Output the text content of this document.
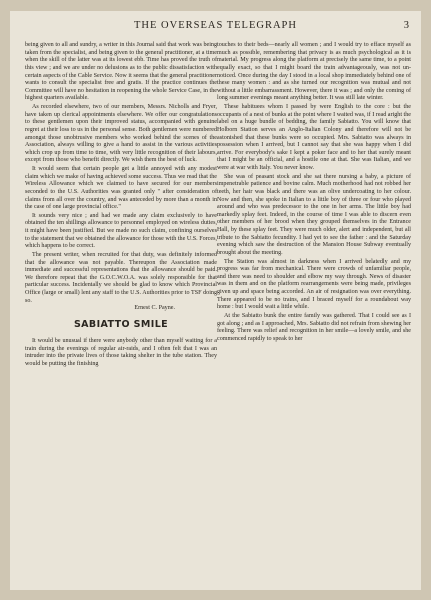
THE OVERSEAS TELEGRAPH	3

being given to all and sundry, a writer in this Journal said that work was being taken from the specialist, and being given to the general practitioner, at a time when the skill of the latter was at its lowest ebb. Time has proved the truth of this view ; and we are under no delusions as to the public dissatisfaction with certain aspects of the Cable Service. Now it seems that the general practitioner wants to consult the specialist free and gratis. If the practice continues the Committee will have no hesitation in reopening the whole Service Case, in the highest quarters available.

As recorded elsewhere, two of our members, Messrs. Nicholls and Fryer, have taken up clerical appointments elsewhere. We offer our congratulations to these gentlemen upon their improved status, accompanied with genuine regret at their loss to us in the personal sense. Both gentlemen were numbered amongst those unobtrusive members who worked behind the scenes of the Association, always willing to give a hand to assist in the various activities which crop up from time to time, with very little recognition of their labours, except from those who benefit directly. We wish them the best of luck.

It would seem that certain people get a little annoyed with any modest claim which we make of having achieved some success. Thus we read that the Wireless Allowance which we claimed to have secured for our members seconded to the U.S. Authorities was granted only " after consideration of claims from all over the country, and was anteceded by more than a month in the case of one large provincial office."

It sounds very nice ; and had we made any claim exclusively to have obtained the ten shillings allowance to personnel employed on wireless duties, it might have been justified. But we made no such claim, confining ourselves to the statement that we obtained the allowance for those with the U.S. Forces, which happens to be correct.

The present writer, when recruited for that duty, was definitely informed that the allowance was not payable. Thereupon the Association made immediate and successful representations that the allowance should be paid. We therefore repeat that the G.O.C.W.O.A. was solely responsible for that particular success. Incidentally we should be glad to know which Provincial Office (large or small) lent any staff to the U.S. Authorities prior to TSF doing so.

Ernest C. Payne.

SABIATTO SMILE

It would be unusual if there were anybody other than myself waiting for a train during the evenings of regular air-raids, and I often felt that I was an intruder into the private lives of those taking shelter in the tube station. They would be putting the finishing

touches to their beds—nearly all women ; and I would try to efface myself as much as possible, remembering that privacy is as much psychological as it is material. My progress along the platform at precisely the same time, to a point equally exact, so that I might board the train advantageously, was not un-noticed. Once during the day I stood in a local shop immediately behind one of these many women : and as she turned our recognition was mutual and not without a little embarrassment. However, there it was ; and only the coming of long summer evenings meant anything better. It was still late winter.

These habituees whom I passed by were English to the core : but the occupants of a nest of bunks at the point where I waited was, if I read aright the label on a huge bundle of bedding, the family Sabiatto. You will know that Holborn Station serves an Anglo-Italian Colony and therefore will not be astonished that these bunks were so occupied. Mrs. Sabiatto was always in possession when I arrived, but I cannot say that she was happy when I did arrive. For everybody's sake I kept a poker face and to her that surely meant that I might be an official, and a hostile one at that. She was Italian, and we were at war with Italy. You never know.

She was of peasant stock and she sat there nursing a baby, a picture of impenetrable patience and bovine calm. Much motherhood had not robbed her teeth, her hair was black and there was an olive undercoating to her colour. Now and then, she spoke in Italian to a little boy of three or four who played around and who was predecessor to the one in her arms. The little boy had markedly splay feet. Indeed, in the course of time I was able to discern even other members of her brood when they grouped themselves in the Entrance Hall, by these splay feet. They were much older, alert and independent, but all tribute to the Sabiatto fecundity. I had yet to see the father : and the Saturday evening which saw the destruction of the Mansion House Subway eventually brought about the meeting.

The Station was almost in darkness when I arrived belatedly and my progress was far from mechanical. There were crowds of unfamiliar people, and there was need to shoulder and elbow my way through. News of disaster was in them and on the platform rearrangements were being made, privileges given up and space being accorded. An air of resignation was over everything. There appeared to be no trains, and I braced myself for a roundabout way home : but I would wait a little while.

At the Sabiatto bunk the entire family was gathered. That I could see as I got along ; and as I approached, Mrs. Sabiatto did not refrain from shewing her feeling. There was relief and recognition in her smile—a lovely smile, and she commenced rapidly to speak to her
